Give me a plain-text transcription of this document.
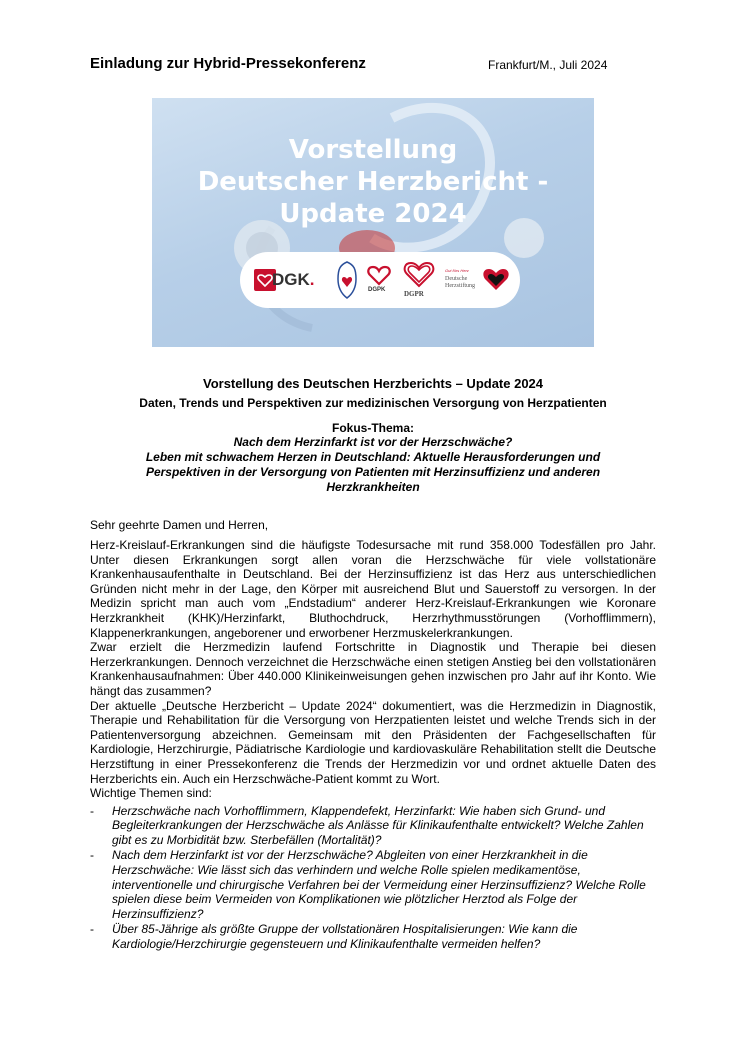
Einladung zur Hybrid-Pressekonferenz	Frankfurt/M., Juli 2024
Vorstellung
Deutscher Herzbericht -
Update 2024
DGK.
DGPK	DGPR
Gut fürs Herz
Deutsche
Herzstiftung
Vorstellung des Deutschen Herzberichts – Update 2024
Daten, Trends und Perspektiven zur medizinischen Versorgung von Herzpatienten
Fokus-Thema:
Nach dem Herzinfarkt ist vor der Herzschwäche?
Leben mit schwachem Herzen in Deutschland: Aktuelle Herausforderungen und
Perspektiven in der Versorgung von Patienten mit Herzinsuffizienz und anderen
Herzkrankheiten
Sehr geehrte Damen und Herren,

Herz-Kreislauf-Erkrankungen sind die häufigste Todesursache mit rund 358.000 Todesfällen pro Jahr. Unter diesen Erkrankungen sorgt allen voran die Herzschwäche für viele vollstationäre Krankenhausaufenthalte in Deutschland. Bei der Herzinsuffizienz ist das Herz aus unterschiedlichen Gründen nicht mehr in der Lage, den Körper mit ausreichend Blut und Sauerstoff zu versorgen. In der Medizin spricht man auch vom „Endstadium“ anderer Herz-Kreislauf-Erkrankungen wie Koronare Herzkrankheit (KHK)/Herzinfarkt, Bluthochdruck, Herzrhythmusstörungen (Vorhofflimmern), Klappenerkrankungen, angeborener und erworbener Herzmuskelerkrankungen.

Zwar erzielt die Herzmedizin laufend Fortschritte in Diagnostik und Therapie bei diesen Herzerkrankungen. Dennoch verzeichnet die Herzschwäche einen stetigen Anstieg bei den vollstationären Krankenhausaufnahmen: Über 440.000 Klinikeinweisungen gehen inzwischen pro Jahr auf ihr Konto. Wie hängt das zusammen?

Der aktuelle „Deutsche Herzbericht – Update 2024“ dokumentiert, was die Herzmedizin in Diagnostik, Therapie und Rehabilitation für die Versorgung von Herzpatienten leistet und welche Trends sich in der Patientenversorgung abzeichnen. Gemeinsam mit den Präsidenten der Fachgesellschaften für Kardiologie, Herzchirurgie, Pädiatrische Kardiologie und kardiovaskuläre Rehabilitation stellt die Deutsche Herzstiftung in einer Pressekonferenz die Trends der Herzmedizin vor und ordnet aktuelle Daten des Herzberichts ein. Auch ein Herzschwäche-Patient kommt zu Wort.

Wichtige Themen sind:

- Herzschwäche nach Vorhofflimmern, Klappendefekt, Herzinfarkt: Wie haben sich Grund- und Begleiterkrankungen der Herzschwäche als Anlässe für Klinikaufenthalte entwickelt? Welche Zahlen gibt es zu Morbidität bzw. Sterbefällen (Mortalität)?
- Nach dem Herzinfarkt ist vor der Herzschwäche? Abgleiten von einer Herzkrankheit in die Herzschwäche: Wie lässt sich das verhindern und welche Rolle spielen medikamentöse, interventionelle und chirurgische Verfahren bei der Vermeidung einer Herzinsuffizienz? Welche Rolle spielen diese beim Vermeiden von Komplikationen wie plötzlicher Herztod als Folge der Herzinsuffizienz?
- Über 85-Jährige als größte Gruppe der vollstationären Hospitalisierungen: Wie kann die Kardiologie/Herzchirurgie gegensteuern und Klinikaufenthalte vermeiden helfen?
